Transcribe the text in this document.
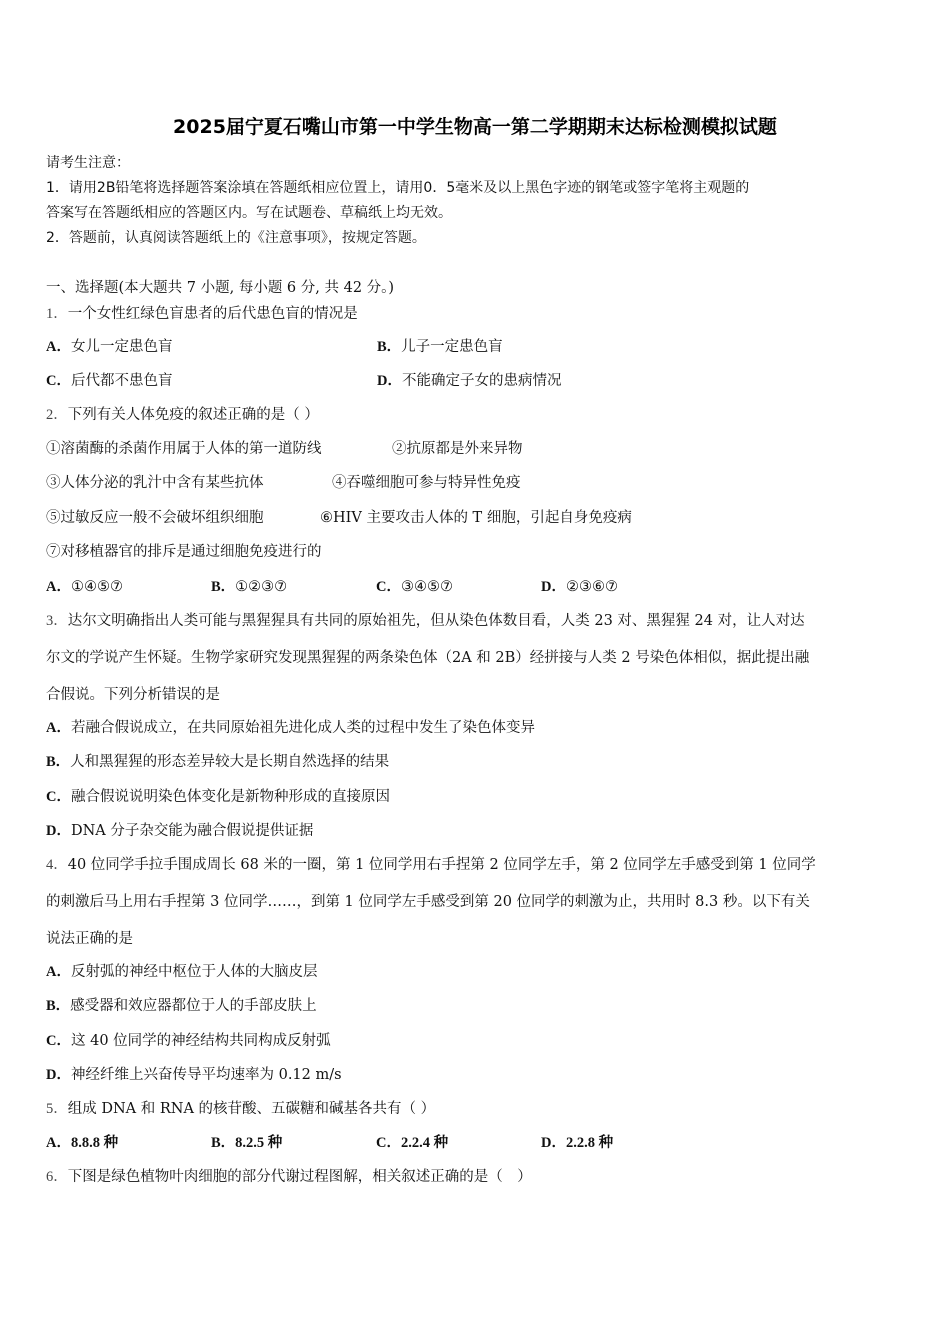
2025届宁夏石嘴山市第一中学生物高一第二学期期末达标检测模拟试题
请考生注意：
1．请用2B铅笔将选择题答案涂填在答题纸相应位置上，请用0．5毫米及以上黑色字迹的钢笔或签字笔将主观题的
答案写在答题纸相应的答题区内。写在试题卷、草稿纸上均无效。
2．答题前，认真阅读答题纸上的《注意事项》，按规定答题。
一、选择题(本大题共 7 小题, 每小题 6 分, 共 42 分。)
1．一个女性红绿色盲患者的后代患色盲的情况是
A．女儿一定患色盲	B．儿子一定患色盲
C．后代都不患色盲	D．不能确定子女的患病情况
2．下列有关人体免疫的叙述正确的是（ ）
①溶菌酶的杀菌作用属于人体的第一道防线	②抗原都是外来异物
③人体分泌的乳汁中含有某些抗体	④吞噬细胞可参与特异性免疫
⑤过敏反应一般不会破坏组织细胞	⑥HIV 主要攻击人体的 T 细胞，引起自身免疫病
⑦对移植器官的排斥是通过细胞免疫进行的
A．①④⑤⑦	B．①②③⑦	C．③④⑤⑦	D．②③⑥⑦
3．达尔文明确指出人类可能与黑猩猩具有共同的原始祖先，但从染色体数目看，人类 23 对、黑猩猩 24 对，让人对达
尔文的学说产生怀疑。生物学家研究发现黑猩猩的两条染色体（2A 和 2B）经拼接与人类 2 号染色体相似，据此提出融
合假说。下列分析错误的是
A．若融合假说成立，在共同原始祖先进化成人类的过程中发生了染色体变异
B．人和黑猩猩的形态差异较大是长期自然选择的结果
C．融合假说说明染色体变化是新物种形成的直接原因
D．DNA 分子杂交能为融合假说提供证据
4．40 位同学手拉手围成周长 68 米的一圈，第 1 位同学用右手捏第 2 位同学左手，第 2 位同学左手感受到第 1 位同学
的刺激后马上用右手捏第 3 位同学……，到第 1 位同学左手感受到第 20 位同学的刺激为止，共用时 8.3 秒。以下有关
说法正确的是
A．反射弧的神经中枢位于人体的大脑皮层
B．感受器和效应器都位于人的手部皮肤上
C．这 40 位同学的神经结构共同构成反射弧
D．神经纤维上兴奋传导平均速率为 0.12 m/s
5．组成 DNA 和 RNA 的核苷酸、五碳糖和碱基各共有（ ）
A．8.8.8 种	B．8.2.5 种	C．2.2.4 种	D．2.2.8 种
6．下图是绿色植物叶肉细胞的部分代谢过程图解，相关叙述正确的是（　）
